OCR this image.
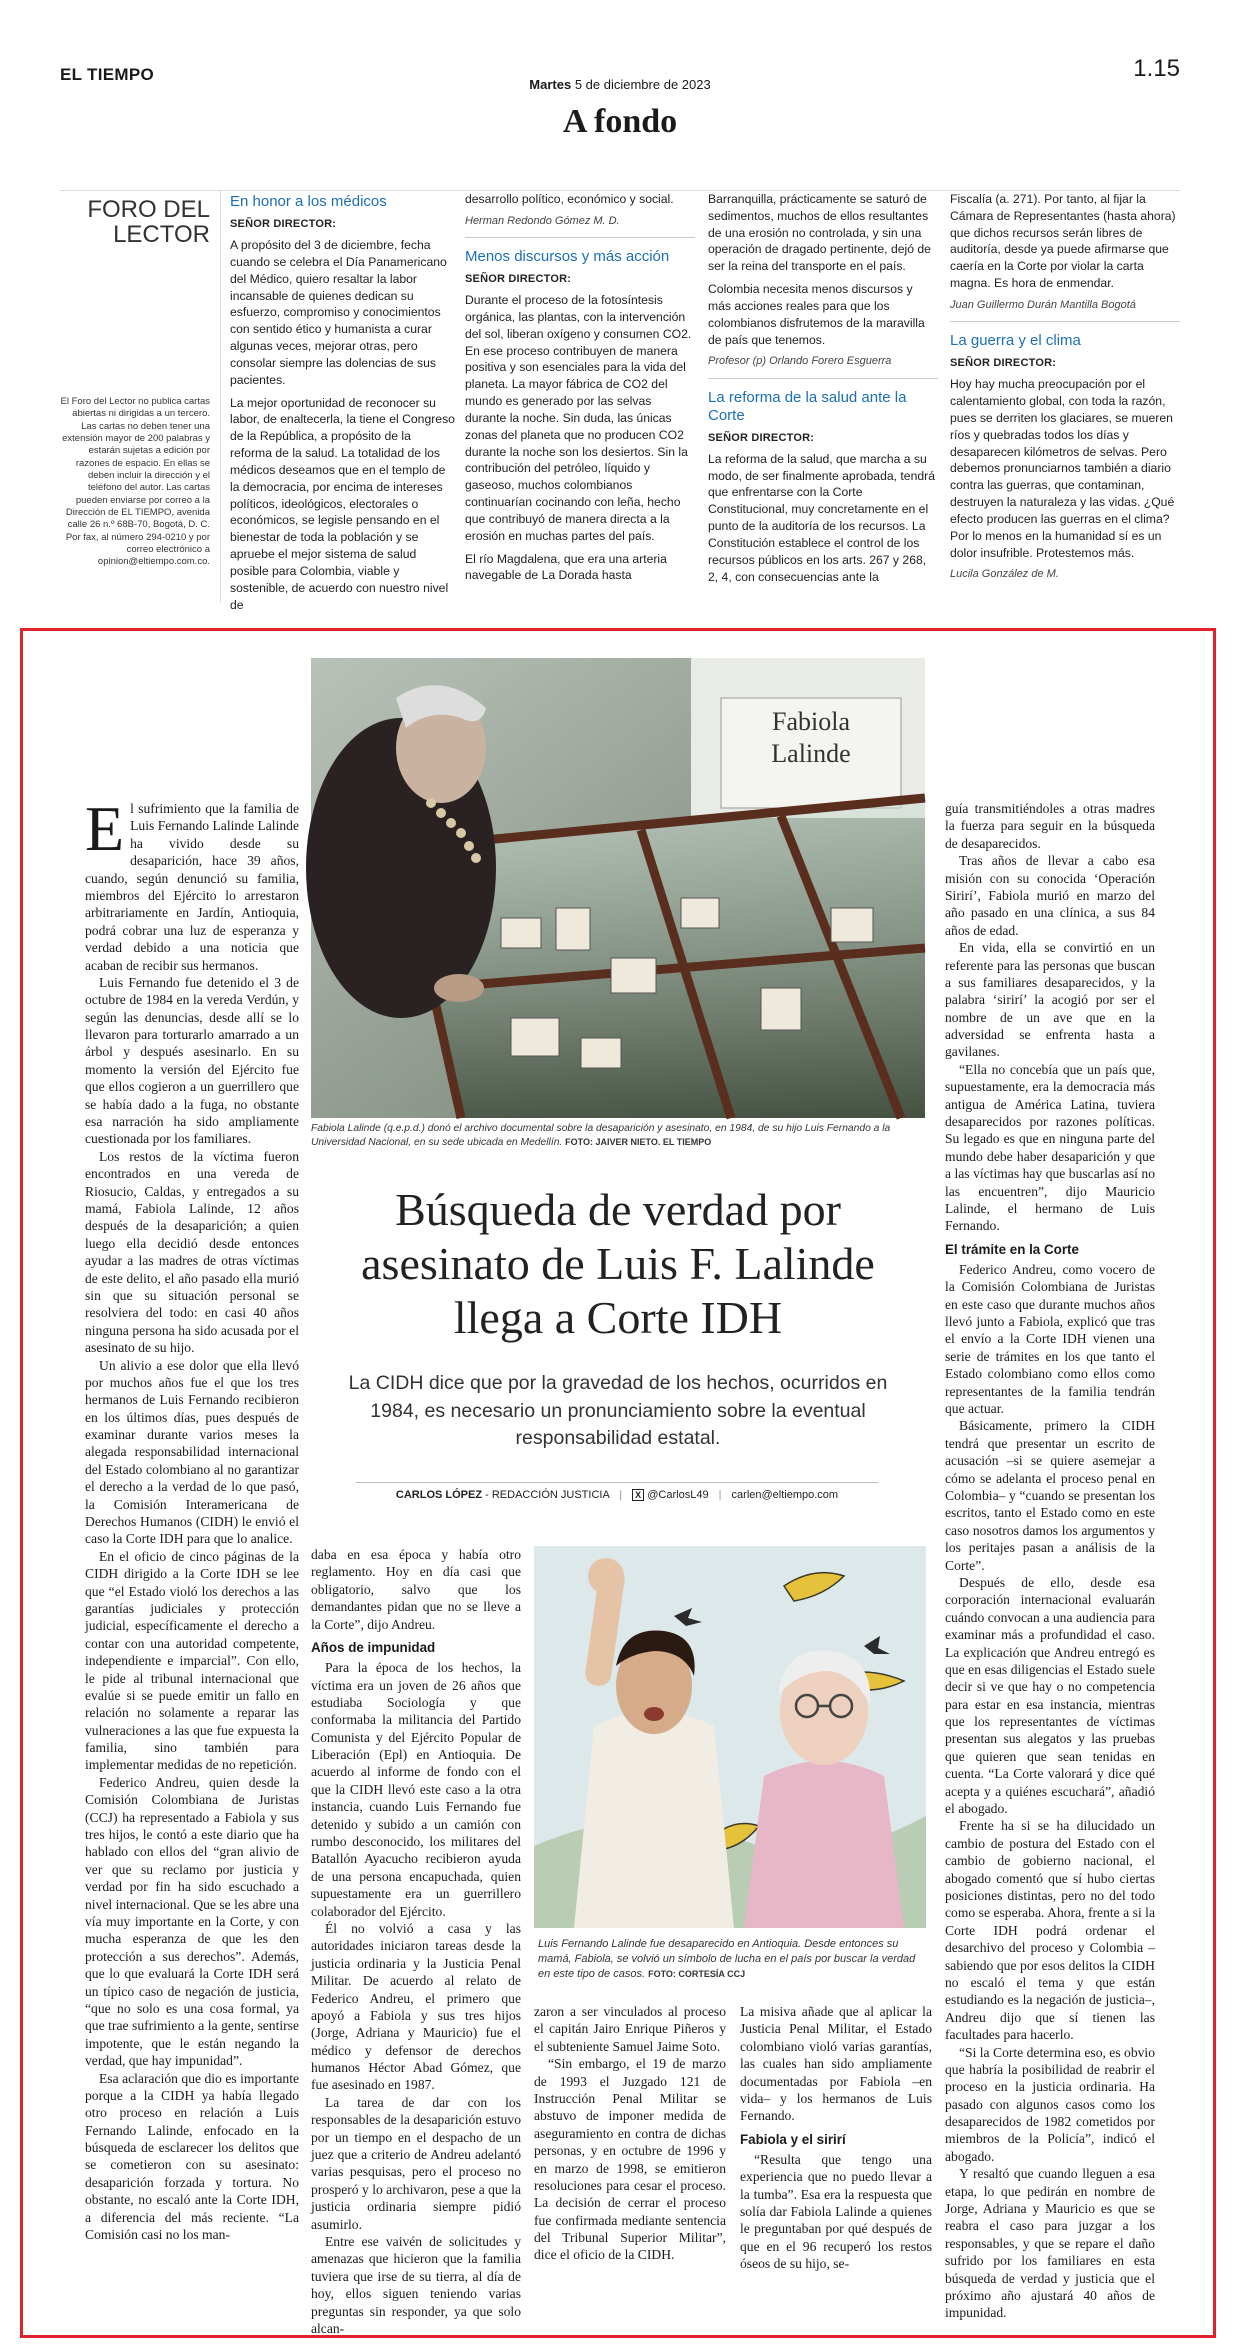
EL TIEMPO
Martes 5 de diciembre de 2023
1.15
A fondo
FORO DEL
LECTOR
El Foro del Lector no publica cartas abiertas ni dirigidas a un tercero. Las cartas no deben tener una extensión mayor de 200 palabras y estarán sujetas a edición por razones de espacio. En ellas se deben incluir la dirección y el teléfono del autor. Las cartas pueden enviarse por correo a la Dirección de EL TIEMPO, avenida calle 26 n.º 68B-70, Bogotá, D. C. Por fax, al número 294-0210 y por correo electrónico a opinion@eltiempo.com.co.
En honor a los médicos
SEÑOR DIRECTOR:

A propósito del 3 de diciembre, fecha cuando se celebra el Día Panamericano del Médico, quiero resaltar la labor incansable de quienes dedican su esfuerzo, compromiso y conocimientos con sentido ético y humanista a curar algunas veces, mejorar otras, pero consolar siempre las dolencias de sus pacientes.

La mejor oportunidad de reconocer su labor, de enaltecerla, la tiene el Congreso de la República, a propósito de la reforma de la salud. La totalidad de los médicos deseamos que en el templo de la democracia, por encima de intereses políticos, ideológicos, electorales o económicos, se legisle pensando en el bienestar de toda la población y se apruebe el mejor sistema de salud posible para Colombia, viable y sostenible, de acuerdo con nuestro nivel de

desarrollo político, económico y social.

Herman Redondo Gómez M. D.
Menos discursos y más acción
SEÑOR DIRECTOR:

Durante el proceso de la fotosíntesis orgánica, las plantas, con la intervención del sol, liberan oxígeno y consumen CO2. En ese proceso contribuyen de manera positiva y son esenciales para la vida del planeta. La mayor fábrica de CO2 del mundo es generado por las selvas durante la noche. Sin duda, las únicas zonas del planeta que no producen CO2 durante la noche son los desiertos. Sin la contribución del petróleo, líquido y gaseoso, muchos colombianos continuarían cocinando con leña, hecho que contribuyó de manera directa a la erosión en muchas partes del país.

El río Magdalena, que era una arteria navegable de La Dorada hasta

Barranquilla, prácticamente se saturó de sedimentos, muchos de ellos resultantes de una erosión no controlada, y sin una operación de dragado pertinente, dejó de ser la reina del transporte en el país.

Colombia necesita menos discursos y más acciones reales para que los colombianos disfrutemos de la maravilla de país que tenemos.

Profesor (p) Orlando Forero Esguerra
La reforma de la salud ante la Corte
SEÑOR DIRECTOR:

La reforma de la salud, que marcha a su modo, de ser finalmente aprobada, tendrá que enfrentarse con la Corte Constitucional, muy concretamente en el punto de la auditoría de los recursos. La Constitución establece el control de los recursos públicos en los arts. 267 y 268, 2, 4, con consecuencias ante la

Fiscalía (a. 271). Por tanto, al fijar la Cámara de Representantes (hasta ahora) que dichos recursos serán libres de auditoría, desde ya puede afirmarse que caería en la Corte por violar la carta magna. Es hora de enmendar.

Juan Guillermo Durán Mantilla Bogotá
La guerra y el clima
SEÑOR DIRECTOR:

Hoy hay mucha preocupación por el calentamiento global, con toda la razón, pues se derriten los glaciares, se mueren ríos y quebradas todos los días y desaparecen kilómetros de selvas. Pero debemos pronunciarnos también a diario contra las guerras, que contaminan, destruyen la naturaleza y las vidas. ¿Qué efecto producen las guerras en el clima? Por lo menos en la humanidad sí es un dolor insufrible. Protestemos más.

Lucila González de M.
Fabiola
Lalinde
Fabiola Lalinde (q.e.p.d.) donó el archivo documental sobre la desaparición y asesinato, en 1984, de su hijo Luis Fernando a la Universidad Nacional, en su sede ubicada en Medellín. FOTO: JAIVER NIETO. EL TIEMPO
Búsqueda de verdad por asesinato de Luis F. Lalinde llega a Corte IDH
La CIDH dice que por la gravedad de los hechos, ocurridos en 1984, es necesario un pronunciamiento sobre la eventual responsabilidad estatal.
CARLOS LÓPEZ - REDACCIÓN JUSTICIA | X @CarlosL49 | carlen@eltiempo.com

El sufrimiento que la familia de Luis Fernando Lalinde Lalinde ha vivido desde su desaparición, hace 39 años, cuando, según denunció su familia, miembros del Ejército lo arrestaron arbitrariamente en Jardín, Antioquia, podrá cobrar una luz de esperanza y verdad debido a una noticia que acaban de recibir sus hermanos.

Luis Fernando fue detenido el 3 de octubre de 1984 en la vereda Verdún, y según las denuncias, desde allí se lo llevaron para torturarlo amarrado a un árbol y después asesinarlo. En su momento la versión del Ejército fue que ellos cogieron a un guerrillero que se había dado a la fuga, no obstante esa narración ha sido ampliamente cuestionada por los familiares.

Los restos de la víctima fueron encontrados en una vereda de Riosucio, Caldas, y entregados a su mamá, Fabiola Lalinde, 12 años después de la desaparición; a quien luego ella decidió desde entonces ayudar a las madres de otras víctimas de este delito, el año pasado ella murió sin que su situación personal se resolviera del todo: en casi 40 años ninguna persona ha sido acusada por el asesinato de su hijo.

Un alivio a ese dolor que ella llevó por muchos años fue el que los tres hermanos de Luis Fernando recibieron en los últimos días, pues después de examinar durante varios meses la alegada responsabilidad internacional del Estado colombiano al no garantizar el derecho a la verdad de lo que pasó, la Comisión Interamericana de Derechos Humanos (CIDH) le envió el caso la Corte IDH para que lo analice.

En el oficio de cinco páginas de la CIDH dirigido a la Corte IDH se lee que “el Estado violó los derechos a las garantías judiciales y protección judicial, específicamente el derecho a contar con una autoridad competente, independiente e imparcial”. Con ello, le pide al tribunal internacional que evalúe si se puede emitir un fallo en relación no solamente a reparar las vulneraciones a las que fue expuesta la familia, sino también para implementar medidas de no repetición.

Federico Andreu, quien desde la Comisión Colombiana de Juristas (CCJ) ha representado a Fabiola y sus tres hijos, le contó a este diario que ha hablado con ellos del “gran alivio de ver que su reclamo por justicia y verdad por fin ha sido escuchado a nivel internacional. Que se les abre una vía muy importante en la Corte, y con mucha esperanza de que les den protección a sus derechos”. Además, que lo que evaluará la Corte IDH será un típico caso de negación de justicia, “que no solo es una cosa formal, ya que trae sufrimiento a la gente, sentirse impotente, que le están negando la verdad, que hay impunidad”.

Esa aclaración que dio es importante porque a la CIDH ya había llegado otro proceso en relación a Luis Fernando Lalinde, enfocado en la búsqueda de esclarecer los delitos que se cometieron con su asesinato: desaparición forzada y tortura. No obstante, no escaló ante la Corte IDH, a diferencia del más reciente. “La Comisión casi no los man-

daba en esa época y había otro reglamento. Hoy en día casi que obligatorio, salvo que los demandantes pidan que no se lleve a la Corte”, dijo Andreu.

Años de impunidad

Para la época de los hechos, la víctima era un joven de 26 años que estudiaba Sociología y que conformaba la militancia del Partido Comunista y del Ejército Popular de Liberación (Epl) en Antioquia. De acuerdo al informe de fondo con el que la CIDH llevó este caso a la otra instancia, cuando Luis Fernando fue detenido y subido a un camión con rumbo desconocido, los militares del Batallón Ayacucho recibieron ayuda de una persona encapuchada, quien supuestamente era un guerrillero colaborador del Ejército.

Él no volvió a casa y las autoridades iniciaron tareas desde la justicia ordinaria y la Justicia Penal Militar. De acuerdo al relato de Federico Andreu, el primero que apoyó a Fabiola y sus tres hijos (Jorge, Adriana y Mauricio) fue el médico y defensor de derechos humanos Héctor Abad Gómez, que fue asesinado en 1987.

La tarea de dar con los responsables de la desaparición estuvo por un tiempo en el despacho de un juez que a criterio de Andreu adelantó varias pesquisas, pero el proceso no prosperó y lo archivaron, pese a que la justicia ordinaria siempre pidió asumirlo.

Entre ese vaivén de solicitudes y amenazas que hicieron que la familia tuviera que irse de su tierra, al día de hoy, ellos siguen teniendo varias preguntas sin responder, ya que solo alcan-

Luis Fernando Lalinde fue desaparecido en Antioquia. Desde entonces su mamá, Fabiola, se volvió un símbolo de lucha en el país por buscar la verdad en este tipo de casos. FOTO: CORTESÍA CCJ

zaron a ser vinculados al proceso el capitán Jairo Enrique Piñeros y el subteniente Samuel Jaime Soto.

“Sin embargo, el 19 de marzo de 1993 el Juzgado 121 de Instrucción Penal Militar se abstuvo de imponer medida de aseguramiento en contra de dichas personas, y en octubre de 1996 y en marzo de 1998, se emitieron resoluciones para cesar el proceso. La decisión de cerrar el proceso fue confirmada mediante sentencia del Tribunal Superior Militar”, dice el oficio de la CIDH.

La misiva añade que al aplicar la Justicia Penal Militar, el Estado colombiano violó varias garantías, las cuales han sido ampliamente documentadas por Fabiola –en vida– y los hermanos de Luis Fernando.

Fabiola y el sirirí

“Resulta que tengo una experiencia que no puedo llevar a la tumba”. Esa era la respuesta que solía dar Fabiola Lalinde a quienes le preguntaban por qué después de que en el 96 recuperó los restos óseos de su hijo, se-

guía transmitiéndoles a otras madres la fuerza para seguir en la búsqueda de desaparecidos.

Tras años de llevar a cabo esa misión con su conocida ‘Operación Sirirí’, Fabiola murió en marzo del año pasado en una clínica, a sus 84 años de edad.

En vida, ella se convirtió en un referente para las personas que buscan a sus familiares desaparecidos, y la palabra ‘sirirí’ la acogió por ser el nombre de un ave que en la adversidad se enfrenta hasta a gavilanes.

“Ella no concebía que un país que, supuestamente, era la democracia más antigua de América Latina, tuviera desaparecidos por razones políticas. Su legado es que en ninguna parte del mundo debe haber desaparición y que a las víctimas hay que buscarlas así no las encuentren”, dijo Mauricio Lalinde, el hermano de Luis Fernando.

El trámite en la Corte

Federico Andreu, como vocero de la Comisión Colombiana de Juristas en este caso que durante muchos años llevó junto a Fabiola, explicó que tras el envío a la Corte IDH vienen una serie de trámites en los que tanto el Estado colombiano como ellos como representantes de la familia tendrán que actuar.

Básicamente, primero la CIDH tendrá que presentar un escrito de acusación –si se quiere asemejar a cómo se adelanta el proceso penal en Colombia– y “cuando se presentan los escritos, tanto el Estado como en este caso nosotros damos los argumentos y los peritajes pasan a análisis de la Corte”.

Después de ello, desde esa corporación internacional evaluarán cuándo convocan a una audiencia para examinar más a profundidad el caso. La explicación que Andreu entregó es que en esas diligencias el Estado suele decir si ve que hay o no competencia para estar en esa instancia, mientras que los representantes de víctimas presentan sus alegatos y las pruebas que quieren que sean tenidas en cuenta. “La Corte valorará y dice qué acepta y a quiénes escuchará”, añadió el abogado.

Frente ha si se ha dilucidado un cambio de postura del Estado con el cambio de gobierno nacional, el abogado comentó que sí hubo ciertas posiciones distintas, pero no del todo como se esperaba. Ahora, frente a si la Corte IDH podrá ordenar el desarchivo del proceso y Colombia –sabiendo que por esos delitos la CIDH no escaló el tema y que están estudiando es la negación de justicia–, Andreu dijo que sí tienen las facultades para hacerlo.

“Si la Corte determina eso, es obvio que habría la posibilidad de reabrir el proceso en la justicia ordinaria. Ha pasado con algunos casos como los desaparecidos de 1982 cometidos por miembros de la Policía”, indicó el abogado.

Y resaltó que cuando lleguen a esa etapa, lo que pedirán en nombre de Jorge, Adriana y Mauricio es que se reabra el caso para juzgar a los responsables, y que se repare el daño sufrido por los familiares en esta búsqueda de verdad y justicia que el próximo año ajustará 40 años de impunidad.
